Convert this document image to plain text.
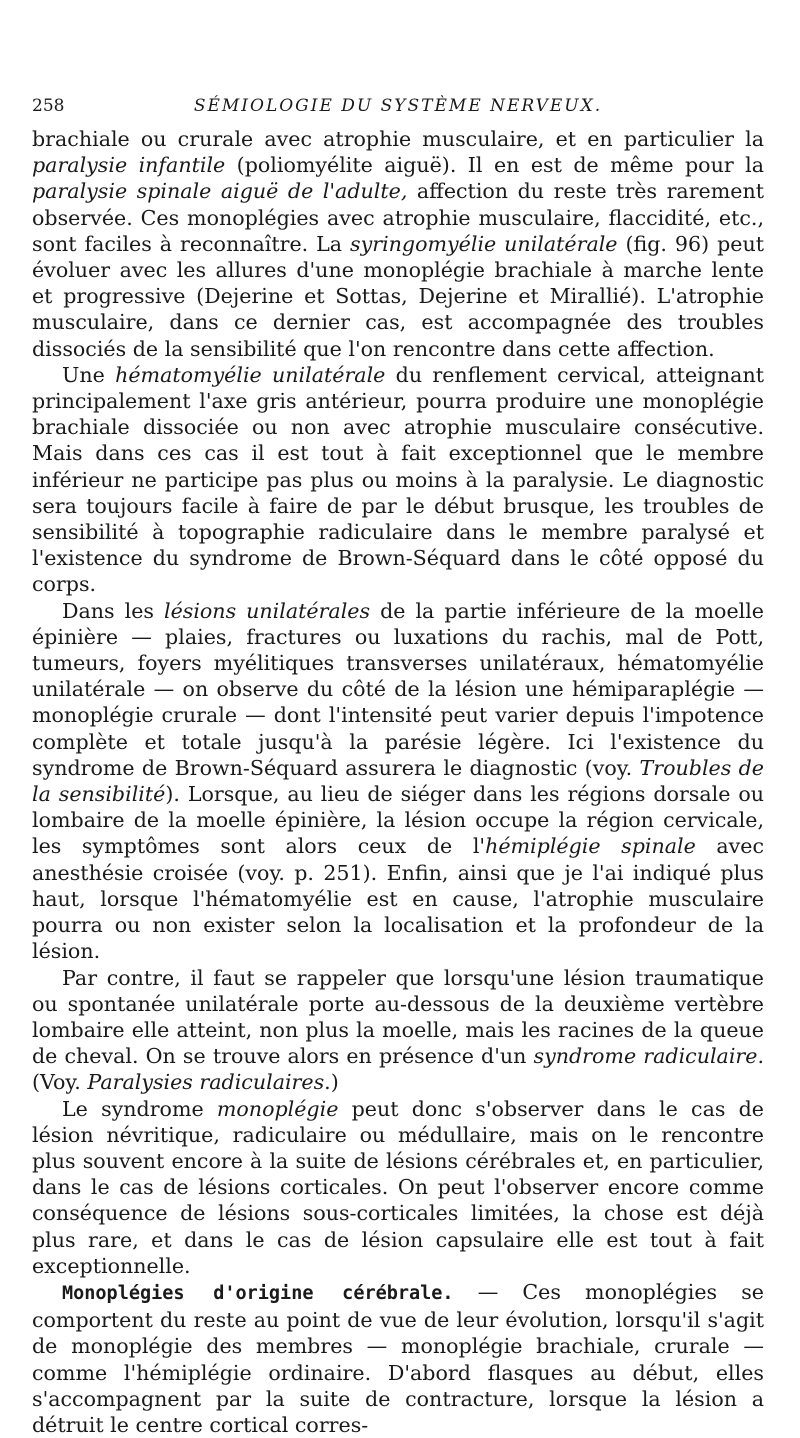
258	SÉMIOLOGIE DU SYSTÈME NERVEUX.

brachiale ou crurale avec atrophie musculaire, et en particulier la paralysie infantile (poliomyélite aiguë). Il en est de même pour la paralysie spinale aiguë de l'adulte, affection du reste très rarement observée. Ces monoplégies avec atrophie musculaire, flaccidité, etc., sont faciles à reconnaître. La syringomyélie unilatérale (fig. 96) peut évoluer avec les allures d'une monoplégie brachiale à marche lente et progressive (Dejerine et Sottas, Dejerine et Mirallié). L'atrophie musculaire, dans ce dernier cas, est accompagnée des troubles dissociés de la sensibilité que l'on rencontre dans cette affection.

Une hématomyélie unilatérale du renflement cervical, atteignant principalement l'axe gris antérieur, pourra produire une monoplégie brachiale dissociée ou non avec atrophie musculaire consécutive. Mais dans ces cas il est tout à fait exceptionnel que le membre inférieur ne participe pas plus ou moins à la paralysie. Le diagnostic sera toujours facile à faire de par le début brusque, les troubles de sensibilité à topographie radiculaire dans le membre paralysé et l'existence du syndrome de Brown-Séquard dans le côté opposé du corps.

Dans les lésions unilatérales de la partie inférieure de la moelle épinière — plaies, fractures ou luxations du rachis, mal de Pott, tumeurs, foyers myélitiques transverses unilatéraux, hématomyélie unilatérale — on observe du côté de la lésion une hémiparaplégie — monoplégie crurale — dont l'intensité peut varier depuis l'impotence complète et totale jusqu'à la parésie légère. Ici l'existence du syndrome de Brown-Séquard assurera le diagnostic (voy. Troubles de la sensibilité). Lorsque, au lieu de siéger dans les régions dorsale ou lombaire de la moelle épinière, la lésion occupe la région cervicale, les symptômes sont alors ceux de l'hémiplégie spinale avec anesthésie croisée (voy. p. 251). Enfin, ainsi que je l'ai indiqué plus haut, lorsque l'hématomyélie est en cause, l'atrophie musculaire pourra ou non exister selon la localisation et la profondeur de la lésion.

Par contre, il faut se rappeler que lorsqu'une lésion traumatique ou spontanée unilatérale porte au-dessous de la deuxième vertèbre lombaire elle atteint, non plus la moelle, mais les racines de la queue de cheval. On se trouve alors en présence d'un syndrome radiculaire. (Voy. Paralysies radiculaires.)

Le syndrome monoplégie peut donc s'observer dans le cas de lésion névritique, radiculaire ou médullaire, mais on le rencontre plus souvent encore à la suite de lésions cérébrales et, en particulier, dans le cas de lésions corticales. On peut l'observer encore comme conséquence de lésions sous-corticales limitées, la chose est déjà plus rare, et dans le cas de lésion capsulaire elle est tout à fait exceptionnelle.

Monoplégies d'origine cérébrale. — Ces monoplégies se comportent du reste au point de vue de leur évolution, lorsqu'il s'agit de monoplégie des membres — monoplégie brachiale, crurale — comme l'hémiplégie ordinaire. D'abord flasques au début, elles s'accompagnent par la suite de contracture, lorsque la lésion a détruit le centre cortical corres-
